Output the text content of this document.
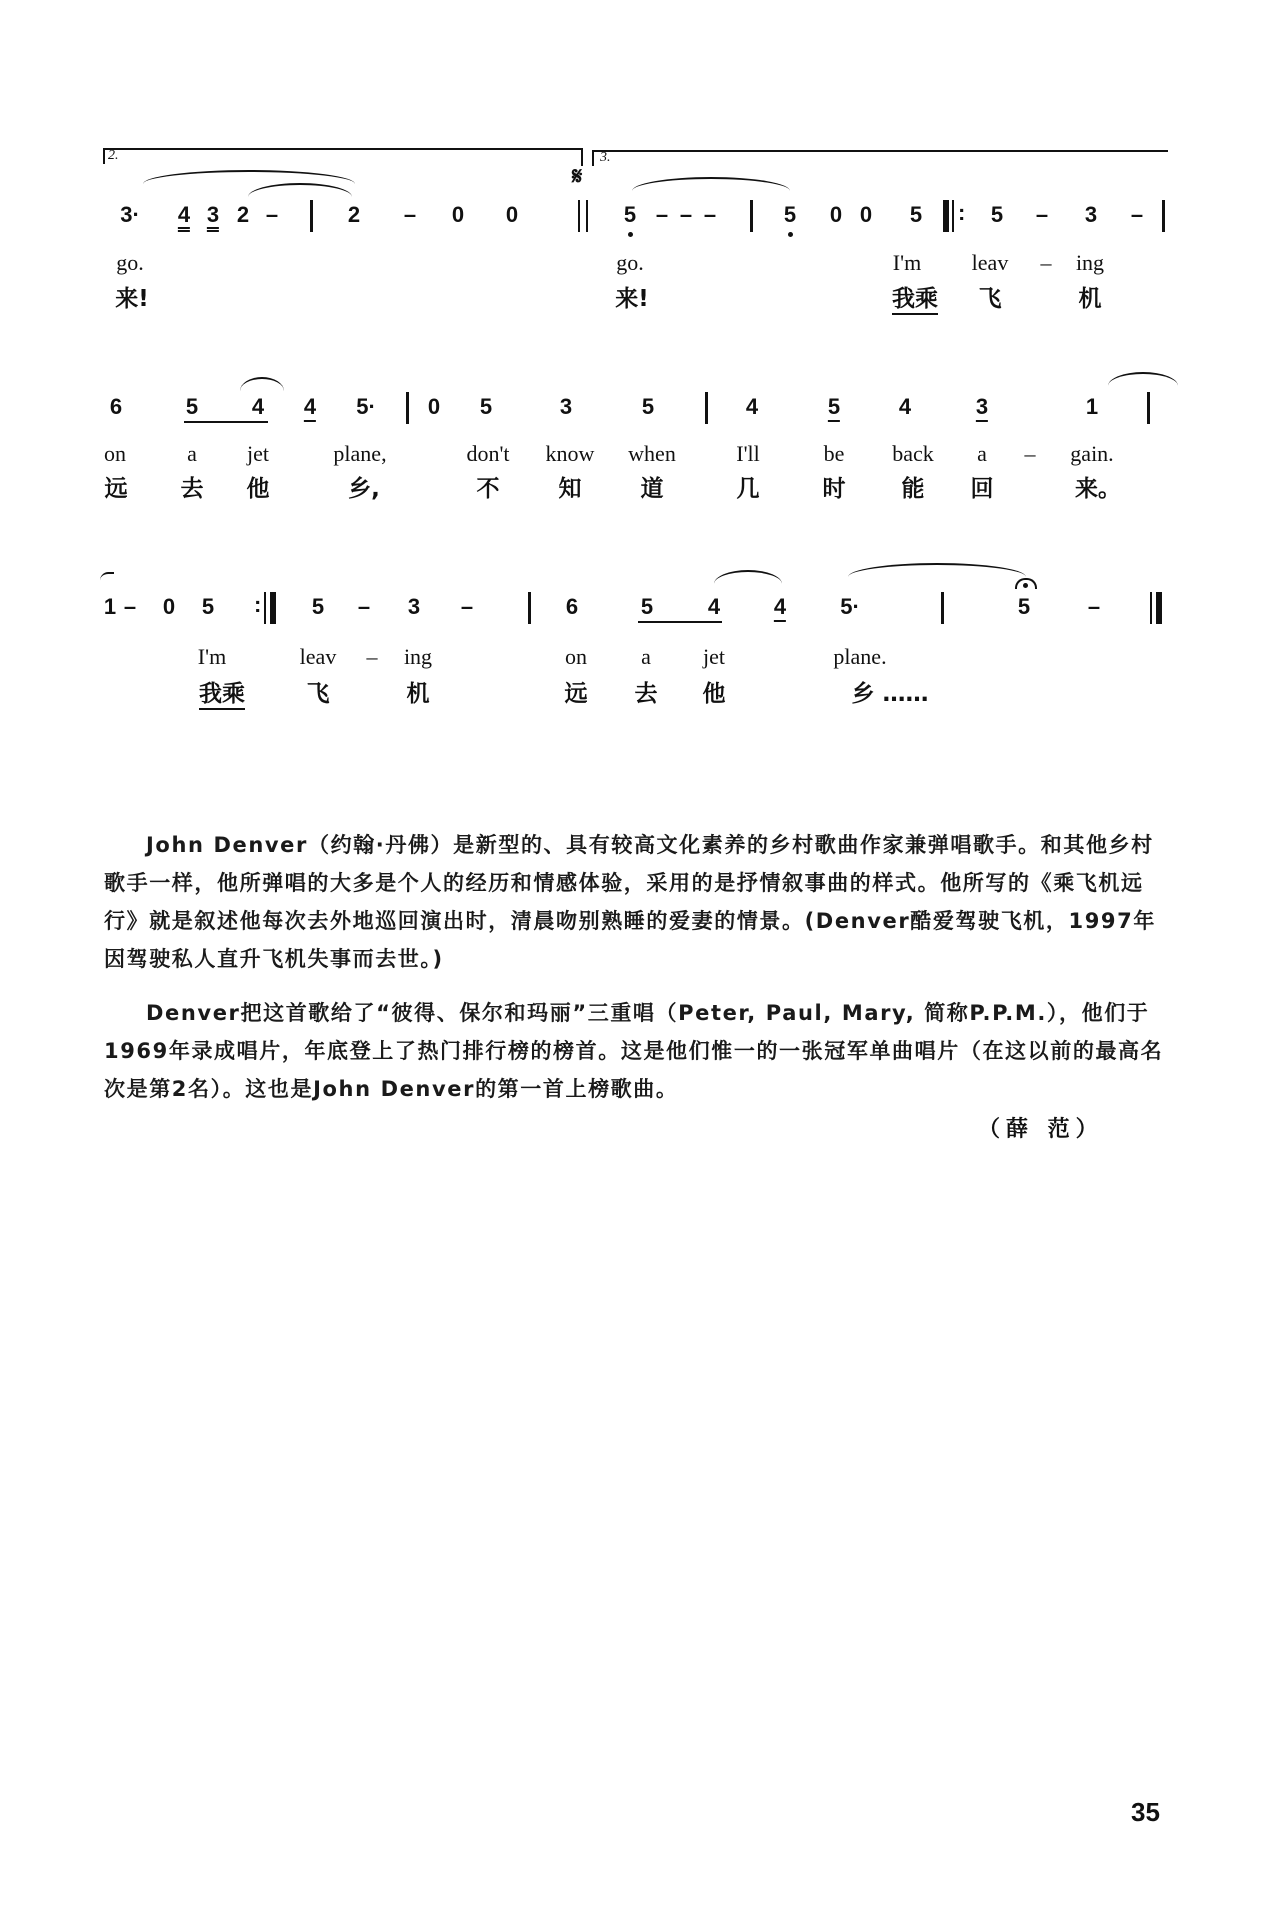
2.	3.
𝄋
3· 4 3 2 –	2 – 0 0	5 – – –	5 0 0 5 : 5 – 3 –
go.	go.	I'm leav – ing
来!	来!	我乘 飞	机
6	5 4 4 5· 0 5	3	5	4	5	4	3	1
on	a jet	plane,	don't know when	I'll	be back a – gain.
远 去 他	乡,	不	知	道	几	时 能 回	来。
1 – 0 5 : 5 – 3 –	6	5 4 4 5·	5	–
I'm	leav – ing	on a jet	plane.
我乘	飞	机	远 去 他	乡 ……

John Denver（约翰·丹佛）是新型的、具有较高文化素养的乡村歌曲作家兼弹唱歌手。和其他乡村歌手一样，他所弹唱的大多是个人的经历和情感体验，采用的是抒情叙事曲的样式。他所写的《乘飞机远行》就是叙述他每次去外地巡回演出时，清晨吻别熟睡的爱妻的情景。(Denver酷爱驾驶飞机，1997年因驾驶私人直升飞机失事而去世。)

Denver把这首歌给了“彼得、保尔和玛丽”三重唱（Peter, Paul, Mary, 简称P.P.M.），他们于1969年录成唱片，年底登上了热门排行榜的榜首。这是他们惟一的一张冠军单曲唱片（在这以前的最高名次是第2名）。这也是John Denver的第一首上榜歌曲。

（薛 范）
35
